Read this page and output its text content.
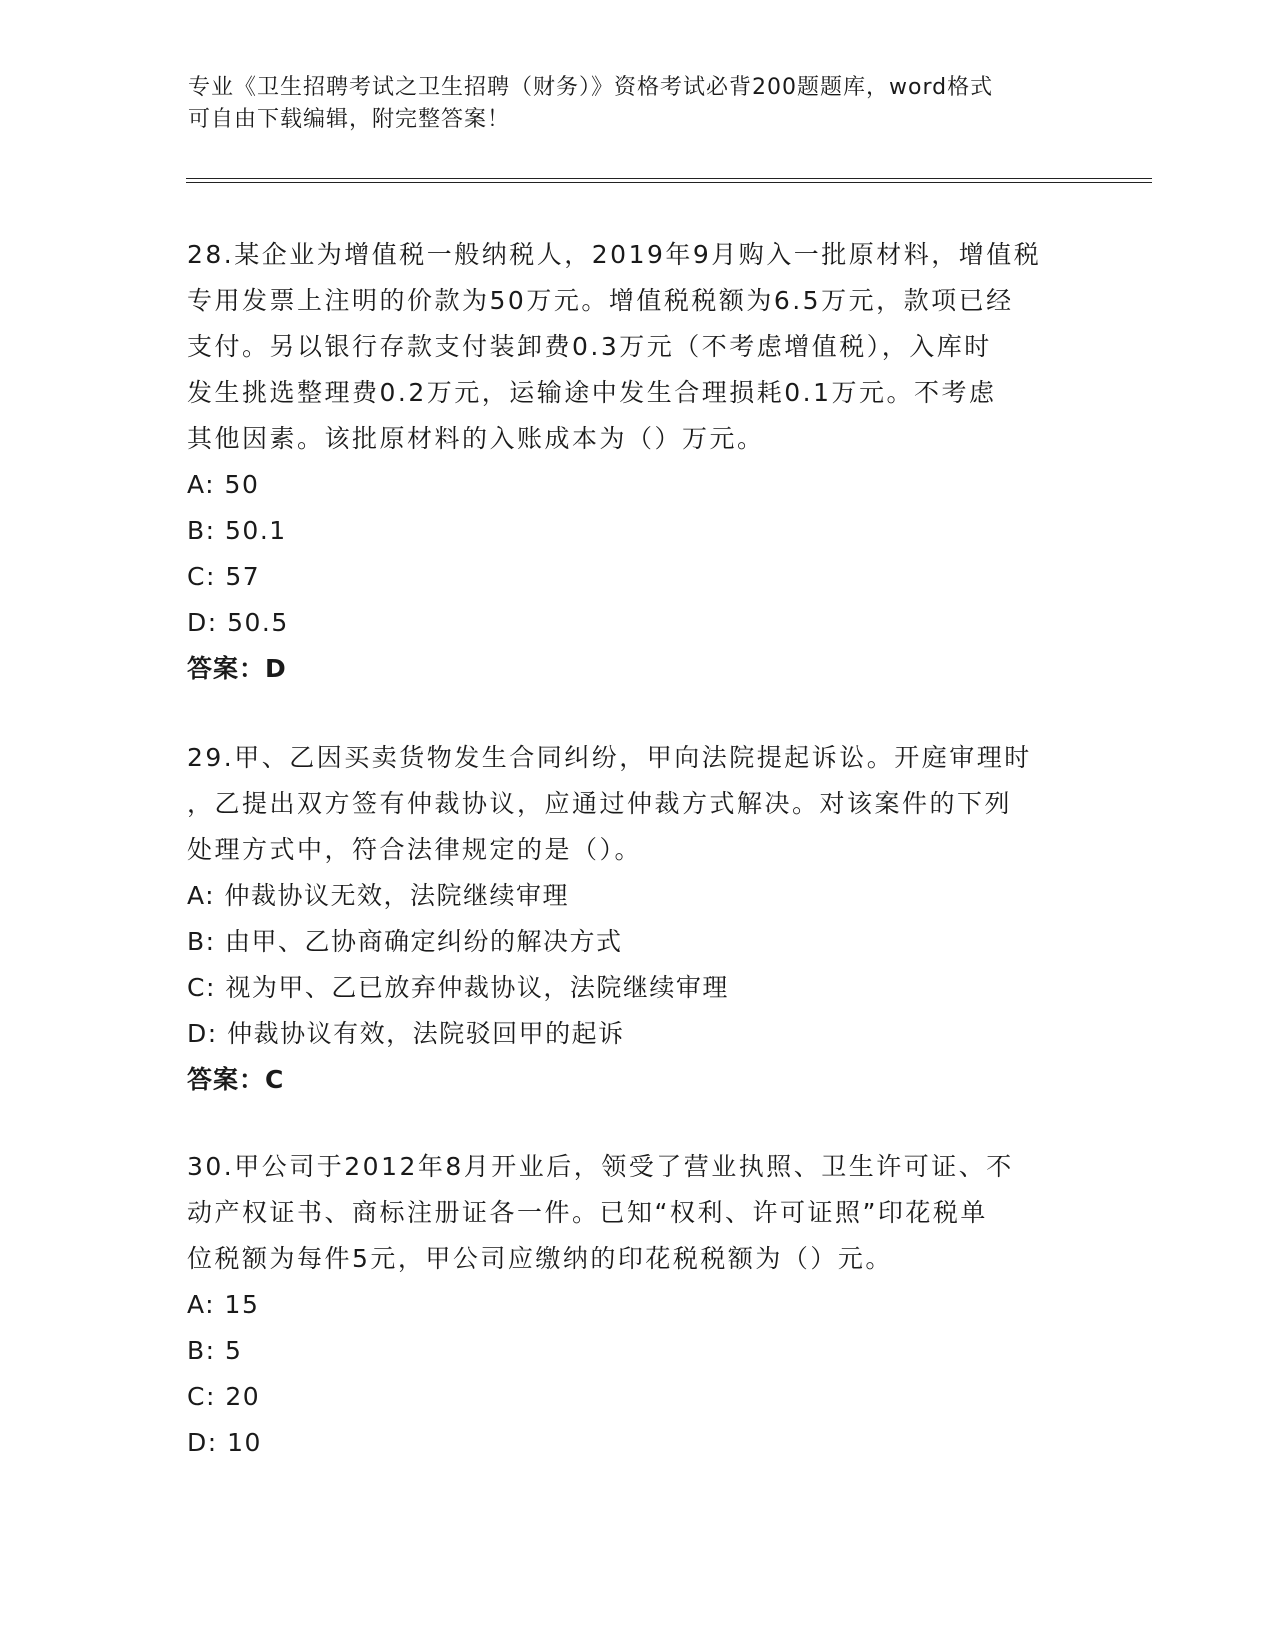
专业《卫生招聘考试之卫生招聘（财务）》资格考试必背200题题库，word格式
可自由下载编辑，附完整答案！
28.某企业为增值税一般纳税人，2019年9月购入一批原材料，增值税
专用发票上注明的价款为50万元。增值税税额为6.5万元，款项已经
支付。另以银行存款支付装卸费0.3万元（不考虑增值税），入库时
发生挑选整理费0.2万元，运输途中发生合理损耗0.1万元。不考虑
其他因素。该批原材料的入账成本为（）万元。
A: 50
B: 50.1
C: 57
D: 50.5
答案：D
29.甲、乙因买卖货物发生合同纠纷，甲向法院提起诉讼。开庭审理时
，乙提出双方签有仲裁协议，应通过仲裁方式解决。对该案件的下列
处理方式中，符合法律规定的是（）。
A: 仲裁协议无效，法院继续审理
B: 由甲、乙协商确定纠纷的解决方式
C: 视为甲、乙已放弃仲裁协议，法院继续审理
D: 仲裁协议有效，法院驳回甲的起诉
答案：C
30.甲公司于2012年8月开业后，领受了营业执照、卫生许可证、不
动产权证书、商标注册证各一件。已知“权利、许可证照”印花税单
位税额为每件5元，甲公司应缴纳的印花税税额为（）元。
A: 15
B: 5
C: 20
D: 10
